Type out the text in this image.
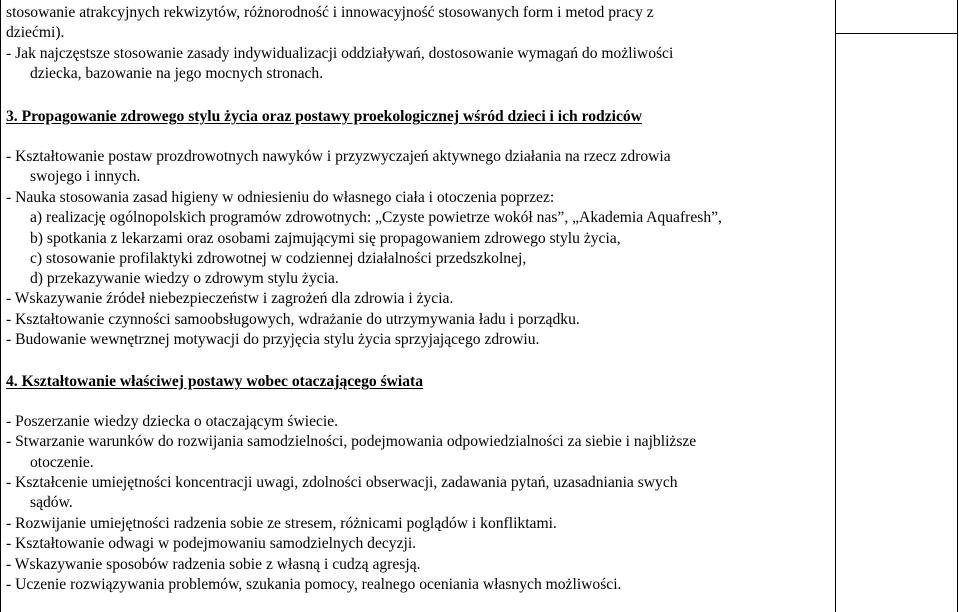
stosowanie atrakcyjnych rekwizytów, różnorodność i innowacyjność stosowanych form i metod pracy z
dziećmi).
- Jak najczęstsze stosowanie zasady indywidualizacji oddziaływań, dostosowanie wymagań do możliwości
dziecka, bazowanie na jego mocnych stronach.
3. Propagowanie zdrowego stylu życia oraz postawy proekologicznej wśród dzieci i ich rodziców
- Kształtowanie postaw prozdrowotnych nawyków i przyzwyczajeń aktywnego działania na rzecz zdrowia
swojego i innych.
- Nauka stosowania zasad higieny w odniesieniu do własnego ciała i otoczenia poprzez:
a) realizację ogólnopolskich programów zdrowotnych: „Czyste powietrze wokół nas”, „Akademia Aquafresh”,
b) spotkania z lekarzami oraz osobami zajmującymi się propagowaniem zdrowego stylu życia,
c) stosowanie profilaktyki zdrowotnej w codziennej działalności przedszkolnej,
d) przekazywanie wiedzy o zdrowym stylu życia.
- Wskazywanie źródeł niebezpieczeństw i zagrożeń dla zdrowia i życia.
- Kształtowanie czynności samoobsługowych, wdrażanie do utrzymywania ładu i porządku.
- Budowanie wewnętrznej motywacji do przyjęcia stylu życia sprzyjającego zdrowiu.
4. Kształtowanie właściwej postawy wobec otaczającego świata
- Poszerzanie wiedzy dziecka o otaczającym świecie.
- Stwarzanie warunków do rozwijania samodzielności, podejmowania odpowiedzialności za siebie i najbliższe
otoczenie.
- Kształcenie umiejętności koncentracji uwagi, zdolności obserwacji, zadawania pytań, uzasadniania swych
sądów.
- Rozwijanie umiejętności radzenia sobie ze stresem, różnicami poglądów i konfliktami.
- Kształtowanie odwagi w podejmowaniu samodzielnych decyzji.
- Wskazywanie sposobów radzenia sobie z własną i cudzą agresją.
- Uczenie rozwiązywania problemów, szukania pomocy, realnego oceniania własnych możliwości.
